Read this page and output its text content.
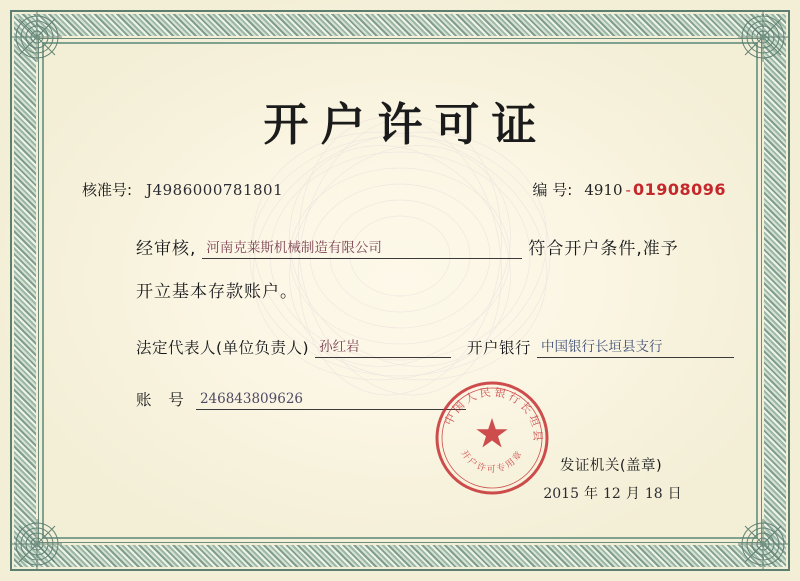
开户许可证
核准号: J4986000781801	编 号: 4910 - 01908096
经审核, 河南克莱斯机械制造有限公司	符合开户条件,准予
开立基本存款账户。
法定代表人(单位负责人) 孙红岩	开户银行 中国银行长垣县支行
账 号 246843809626
发证机关(盖章)
2015 年 12 月 18 日
中国人民银行长垣县
开户许可专用章
